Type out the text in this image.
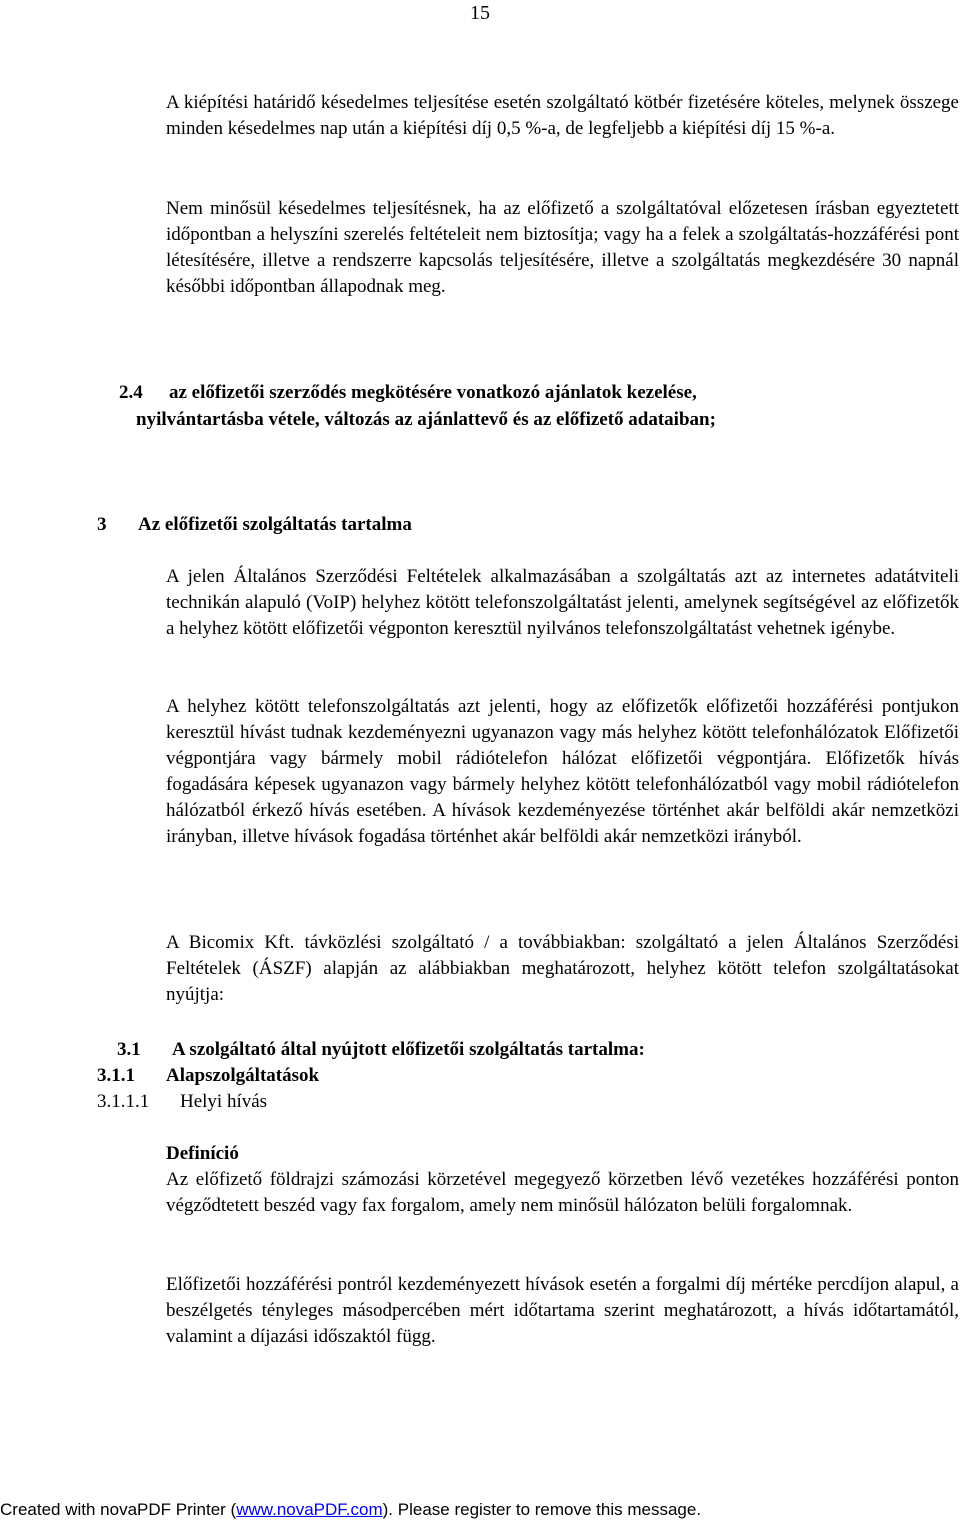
15

A kiépítési határidő késedelmes teljesítése esetén szolgáltató kötbér fizetésére köteles, melynek összege minden késedelmes nap után a kiépítési díj 0,5 %-a, de legfeljebb a kiépítési díj 15 %-a.

Nem minősül késedelmes teljesítésnek, ha az előfizető a szolgáltatóval előzetesen írásban egyeztetett időpontban a helyszíni szerelés feltételeit nem biztosítja; vagy ha a felek a szolgáltatás-hozzáférési pont létesítésére, illetve a rendszerre kapcsolás teljesítésére, illetve a szolgáltatás megkezdésére 30 napnál későbbi időpontban állapodnak meg.

2.4 az előfizetői szerződés megkötésére vonatkozó ajánlatok kezelése,
nyilvántartásba vétele, változás az ajánlattevő és az előfizető adataiban;
3 Az előfizetői szolgáltatás tartalma

A jelen Általános Szerződési Feltételek alkalmazásában a szolgáltatás azt az internetes adatátviteli technikán alapuló (VoIP) helyhez kötött telefonszolgáltatást jelenti, amelynek segítségével az előfizetők a helyhez kötött előfizetői végponton keresztül nyilvános telefonszolgáltatást vehetnek igénybe.

A helyhez kötött telefonszolgáltatás azt jelenti, hogy az előfizetők előfizetői hozzáférési pontjukon keresztül hívást tudnak kezdeményezni ugyanazon vagy más helyhez kötött telefonhálózatok Előfizetői végpontjára vagy bármely mobil rádiótelefon hálózat előfizetői végpontjára. Előfizetők hívás fogadására képesek ugyanazon vagy bármely helyhez kötött telefonhálózatból vagy mobil rádiótelefon hálózatból érkező hívás esetében. A hívások kezdeményezése történhet akár belföldi akár nemzetközi irányban, illetve hívások fogadása történhet akár belföldi akár nemzetközi irányból.

A Bicomix Kft. távközlési szolgáltató / a továbbiakban: szolgáltató a jelen Általános Szerződési Feltételek (ÁSZF) alapján az alábbiakban meghatározott, helyhez kötött telefon szolgáltatásokat nyújtja:

3.1 A szolgáltató által nyújtott előfizetői szolgáltatás tartalma:
3.1.1 Alapszolgáltatások
3.1.1.1 Helyi hívás
Definíció

Az előfizető földrajzi számozási körzetével megegyező körzetben lévő vezetékes hozzáférési ponton végződtetett beszéd vagy fax forgalom, amely nem minősül hálózaton belüli forgalomnak.

Előfizetői hozzáférési pontról kezdeményezett hívások esetén a forgalmi díj mértéke percdíjon alapul, a beszélgetés tényleges másodpercében mért időtartama szerint meghatározott, a hívás időtartamától, valamint a díjazási időszaktól függ.

Created with novaPDF Printer (www.novaPDF.com). Please register to remove this message.
